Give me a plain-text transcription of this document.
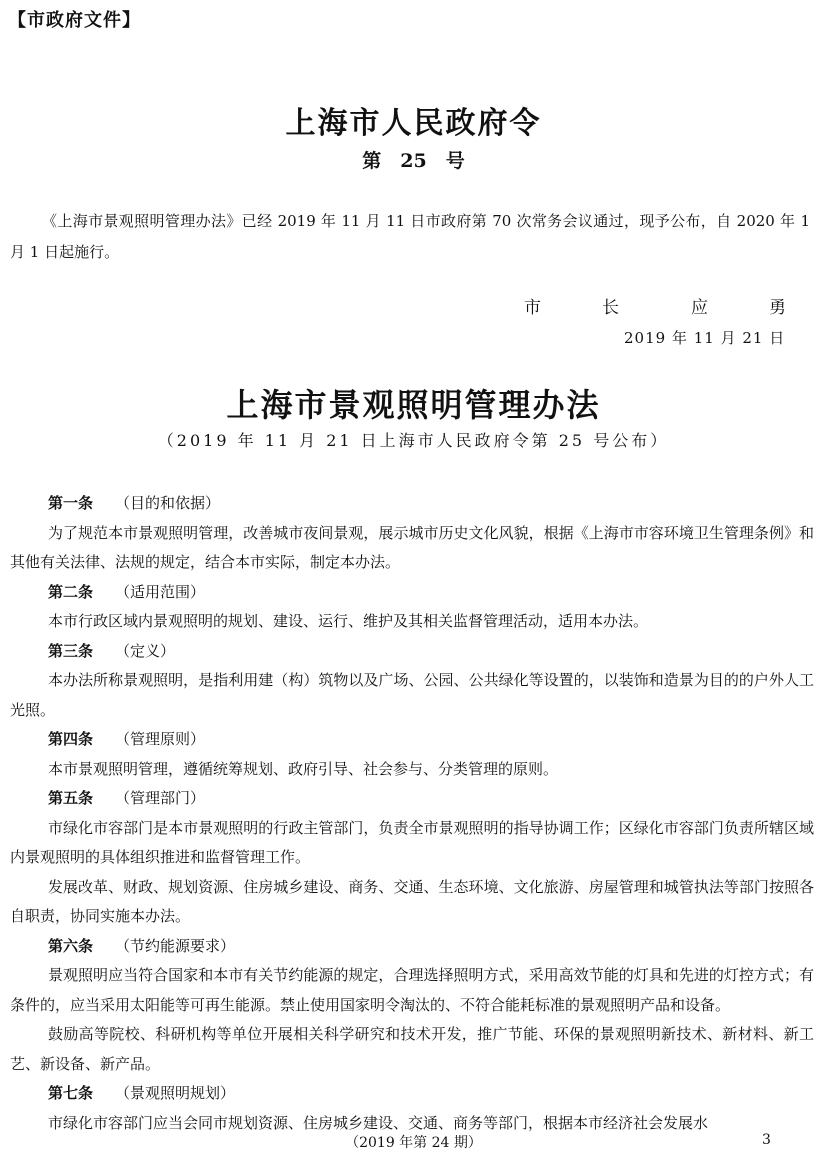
【市政府文件】
上海市人民政府令
第　25　号
《上海市景观照明管理办法》已经 2019 年 11 月 11 日市政府第 70 次常务会议通过，现予公布，自 2020 年 1 月 1 日起施行。
市　长	应　勇
2019 年 11 月 21 日
上海市景观照明管理办法
（2019 年 11 月 21 日上海市人民政府令第 25 号公布）

第一条 （目的和依据）

为了规范本市景观照明管理，改善城市夜间景观，展示城市历史文化风貌，根据《上海市市容环境卫生管理条例》和其他有关法律、法规的规定，结合本市实际，制定本办法。

第二条 （适用范围）

本市行政区域内景观照明的规划、建设、运行、维护及其相关监督管理活动，适用本办法。

第三条 （定义）

本办法所称景观照明，是指利用建（构）筑物以及广场、公园、公共绿化等设置的，以装饰和造景为目的的户外人工光照。

第四条 （管理原则）

本市景观照明管理，遵循统筹规划、政府引导、社会参与、分类管理的原则。

第五条 （管理部门）

市绿化市容部门是本市景观照明的行政主管部门，负责全市景观照明的指导协调工作；区绿化市容部门负责所辖区域内景观照明的具体组织推进和监督管理工作。

发展改革、财政、规划资源、住房城乡建设、商务、交通、生态环境、文化旅游、房屋管理和城管执法等部门按照各自职责，协同实施本办法。

第六条 （节约能源要求）

景观照明应当符合国家和本市有关节约能源的规定，合理选择照明方式，采用高效节能的灯具和先进的灯控方式；有条件的，应当采用太阳能等可再生能源。禁止使用国家明令淘汰的、不符合能耗标准的景观照明产品和设备。

鼓励高等院校、科研机构等单位开展相关科学研究和技术开发，推广节能、环保的景观照明新技术、新材料、新工艺、新设备、新产品。

第七条 （景观照明规划）

市绿化市容部门应当会同市规划资源、住房城乡建设、交通、商务等部门，根据本市经济社会发展水

（2019 年第 24 期）	3
